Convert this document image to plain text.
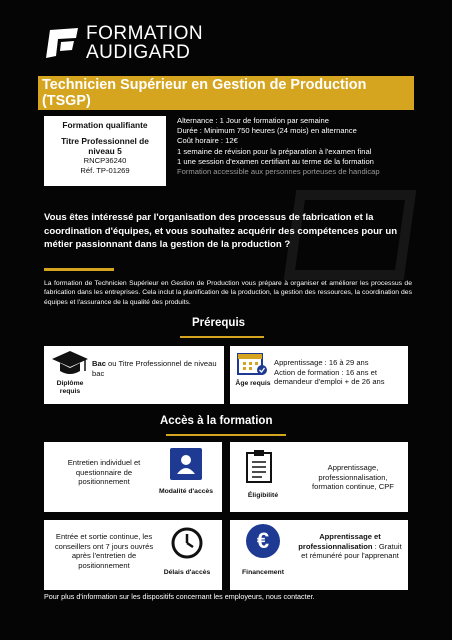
FORMATION
AUDIGARD
Technicien Supérieur en Gestion de Production (TSGP)
Formation qualifiante
Titre Professionnel de niveau 5
RNCP36240
Réf. TP-01269
Alternance : 1 Jour de formation par semaine
Durée : Minimum 750 heures (24 mois) en alternance
Coût horaire : 12€
1 semaine de révision pour la préparation à l'examen final
1 une session d'examen certifiant au terme de la formation
Formation accessible aux personnes porteuses de handicap
Vous êtes intéressé par l'organisation des processus de fabrication et la coordination d'équipes, et vous souhaitez acquérir des compétences pour un métier passionnant dans la gestion de la production ?
La formation de Technicien Supérieur en Gestion de Production vous prépare à organiser et améliorer les processus de fabrication dans les entreprises. Cela inclut la planification de la production, la gestion des ressources, la coordination des équipes et l'assurance de la qualité des produits.
Prérequis
Diplôme requis
Bac ou Titre Professionnel de niveau bac
Âge requis
Apprentissage : 16 à 29 ans
Action de formation : 16 ans et demandeur d'emploi + de 26 ans
Accès à la formation
Entretien individuel et questionnaire de positionnement
Modalité d'accès
Éligibilité
Apprentissage, professionnalisation, formation continue, CPF
Entrée et sortie continue, les conseillers ont 7 jours ouvrés après l'entretien de positionnement
Délais d'accès
€
Financement
Apprentissage et professionnalisation : Gratuit et rémunéré pour l'apprenant
Pour plus d'information sur les dispositifs concernant les employeurs, nous contacter.
